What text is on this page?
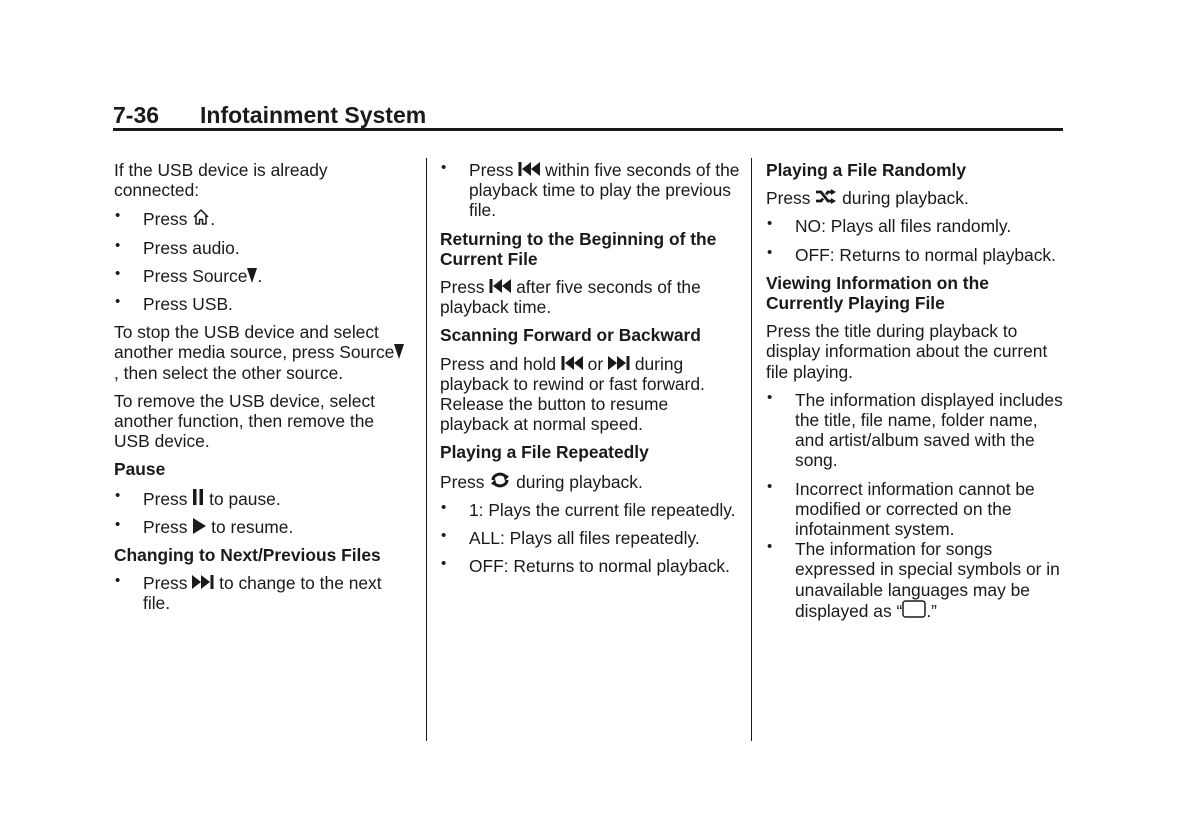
7-36 Infotainment System

If the USB device is already connected:

• Press
.
• Press audio.
• Press Source .
• Press USB.

To stop the USB device and select another media source, press Source
, then select the other source.

To remove the USB device, select another function, then remove the USB device.

Pause
• Press
to pause.
• Press
to resume.
Changing to Next/Previous Files
• Press
to change to the next file.
• Press
within five seconds of the playback time to play the previous file.
Returning to the Beginning of the Current File

Press
after five seconds of the playback time.

Scanning Forward or Backward

Press and hold
or
during playback to rewind or fast forward. Release the button to resume playback at normal speed.

Playing a File Repeatedly

Press
during playback.

• 1: Plays the current file repeatedly.
• ALL: Plays all files repeatedly.
• OFF: Returns to normal playback.
Playing a File Randomly

Press
during playback.

• NO: Plays all files randomly.
• OFF: Returns to normal playback.
Viewing Information on the Currently Playing File

Press the title during playback to display information about the current file playing.

• The information displayed includes the title, file name, folder name, and artist/album saved with the song.
• Incorrect information cannot be modified or corrected on the infotainment system.
• The information for songs expressed in special symbols or in unavailable languages may be displayed as “ .”
